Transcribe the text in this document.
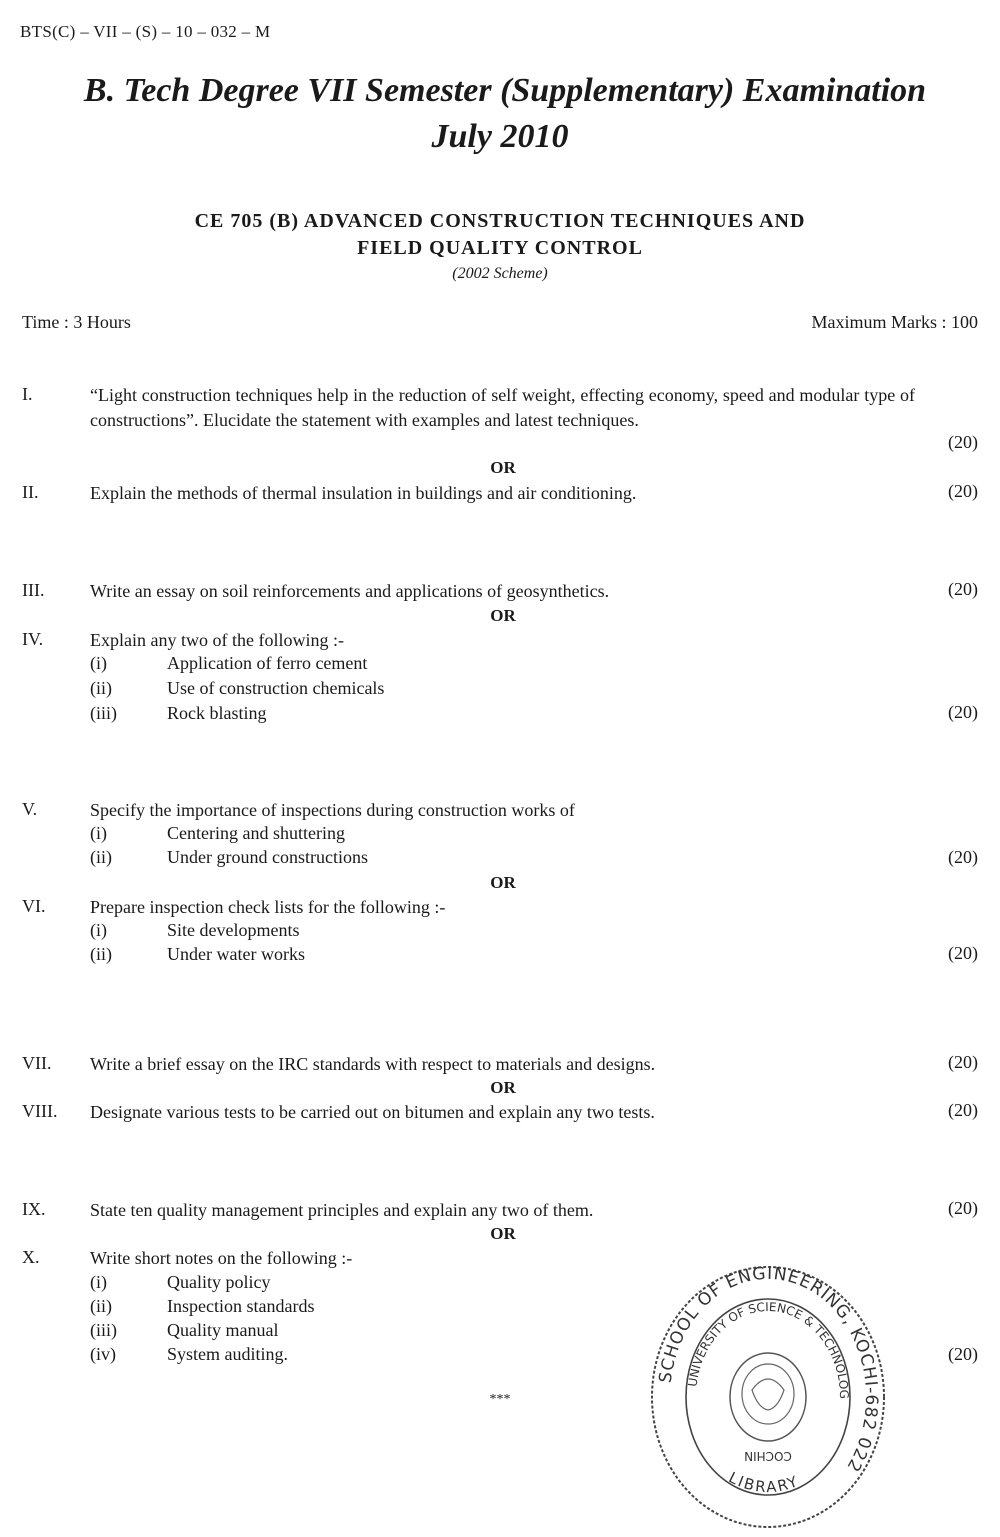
BTS(C) – VII – (S) – 10 – 032 – M
B. Tech Degree VII Semester (Supplementary) Examination
July 2010
CE 705 (B) ADVANCED CONSTRUCTION TECHNIQUES AND
FIELD QUALITY CONTROL
(2002 Scheme)
Time : 3 Hours	Maximum Marks : 100
I.	“Light construction techniques help in the reduction of self weight, effecting economy, speed and modular type of constructions”. Elucidate the statement with examples and latest techniques.
(20)
OR
II.	Explain the methods of thermal insulation in buildings and air conditioning.	(20)
III.	Write an essay on soil reinforcements and applications of geosynthetics.	(20)
OR
IV.	Explain any two of the following :-
(i)	Application of ferro cement
(ii)	Use of construction chemicals
(iii)	Rock blasting	(20)
V.	Specify the importance of inspections during construction works of
(i)	Centering and shuttering
(ii)	Under ground constructions	(20)
OR
VI. Prepare inspection check lists for the following :-
(i)	Site developments
(ii)	Under water works	(20)
VII. Write a brief essay on the IRC standards with respect to materials and designs.	(20)
OR
VIII. Designate various tests to be carried out on bitumen and explain any two tests.	(20)
IX. State ten quality management principles and explain any two of them.	(20)
OR
X.	Write short notes on the following :-
(i)	Quality policy
(ii)	Inspection standards
(iii)	Quality manual
(iv)	System auditing.	(20)
***
SCHOOL OF ENGINEERING, KOCHI-682 022
UNIVERSITY OF SCIENCE & TECHNOLOG
LIBRARY
COCHIN
